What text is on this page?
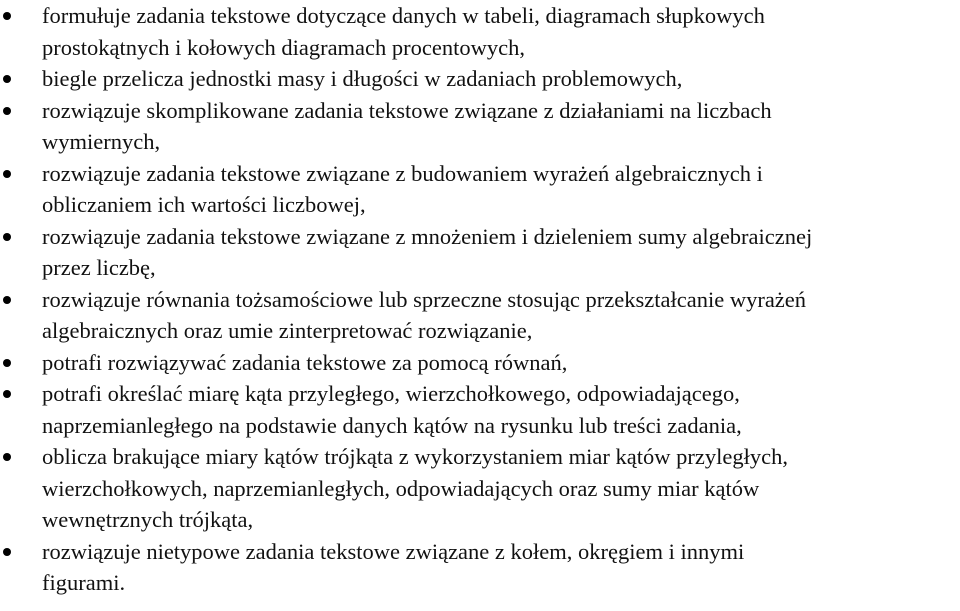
formułuje zadania tekstowe dotyczące danych w tabeli, diagramach słupkowych
prostokątnych i kołowych diagramach procentowych,
biegle przelicza jednostki masy i długości w zadaniach problemowych,
rozwiązuje skomplikowane zadania tekstowe związane z działaniami na liczbach
wymiernych,
rozwiązuje zadania tekstowe związane z budowaniem wyrażeń algebraicznych i
obliczaniem ich wartości liczbowej,
rozwiązuje zadania tekstowe związane z mnożeniem i dzieleniem sumy algebraicznej
przez liczbę,
rozwiązuje równania tożsamościowe lub sprzeczne stosując przekształcanie wyrażeń
algebraicznych oraz umie zinterpretować rozwiązanie,
potrafi rozwiązywać zadania tekstowe za pomocą równań,
potrafi określać miarę kąta przyległego, wierzchołkowego, odpowiadającego,
naprzemianległego na podstawie danych kątów na rysunku lub treści zadania,
oblicza brakujące miary kątów trójkąta z wykorzystaniem miar kątów przyległych,
wierzchołkowych, naprzemianległych, odpowiadających oraz sumy miar kątów
wewnętrznych trójkąta,
rozwiązuje nietypowe zadania tekstowe związane z kołem, okręgiem i innymi
figurami.
